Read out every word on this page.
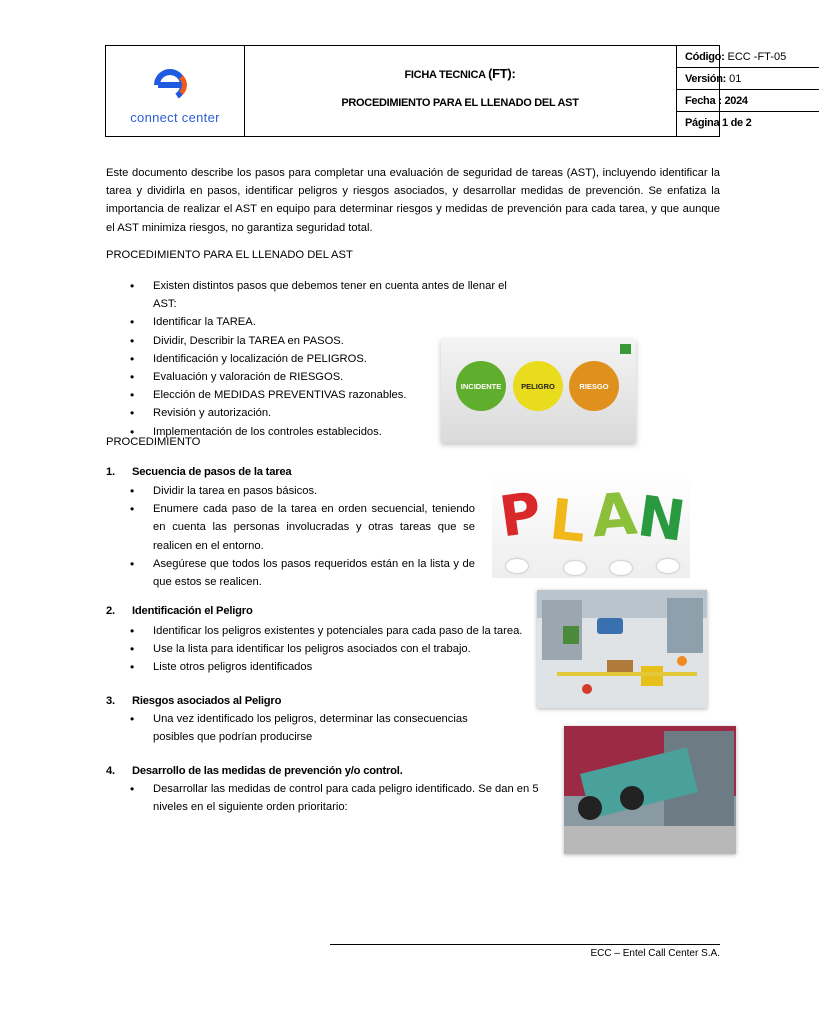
connect center
FICHA TECNICA (FT):
PROCEDIMIENTO PARA EL LLENADO DEL AST
Código: ECC -FT-05
Versión: 01
Fecha : 2024
Página 1 de 2
Este documento describe los pasos para completar una evaluación de seguridad de tareas (AST), incluyendo identificar la tarea y dividirla en pasos, identificar peligros y riesgos asociados, y desarrollar medidas de prevención. Se enfatiza la importancia de realizar el AST en equipo para determinar riesgos y medidas de prevención para cada tarea, y que aunque el AST minimiza riesgos, no garantiza seguridad total.
PROCEDIMIENTO PARA EL LLENADO DEL AST
• Existen distintos pasos que debemos tener en cuenta antes de llenar el AST:
• Identificar la TAREA.
• Dividir, Describir la TAREA en PASOS.
• Identificación y localización de PELIGROS.
• Evaluación y valoración de RIESGOS.
• Elección de MEDIDAS PREVENTIVAS razonables.
• Revisión y autorización.
• Implementación de los controles establecidos.
INCIDENTE	PELIGRO	RIESGO
PROCEDIMIENTO
1. Secuencia de pasos de la tarea
• Dividir la tarea en pasos básicos.
• Enumere cada paso de la tarea en orden secuencial, teniendo en cuenta las personas involucradas y otras tareas que se realicen en el entorno.
• Asegúrese que todos los pasos requeridos están en la lista y de que estos se realicen.
P L A
N
2. Identificación el Peligro
• Identificar los peligros existentes y potenciales para cada paso de la tarea.
• Use la lista para identificar los peligros asociados con el trabajo.
• Liste otros peligros identificados
3. Riesgos asociados al Peligro
• Una vez identificado los peligros, determinar las consecuencias posibles que podrían producirse
4. Desarrollo de las medidas de prevención y/o control.
• Desarrollar las medidas de control para cada peligro identificado. Se dan en 5 niveles en el siguiente orden prioritario:
ECC – Entel Call Center S.A.
